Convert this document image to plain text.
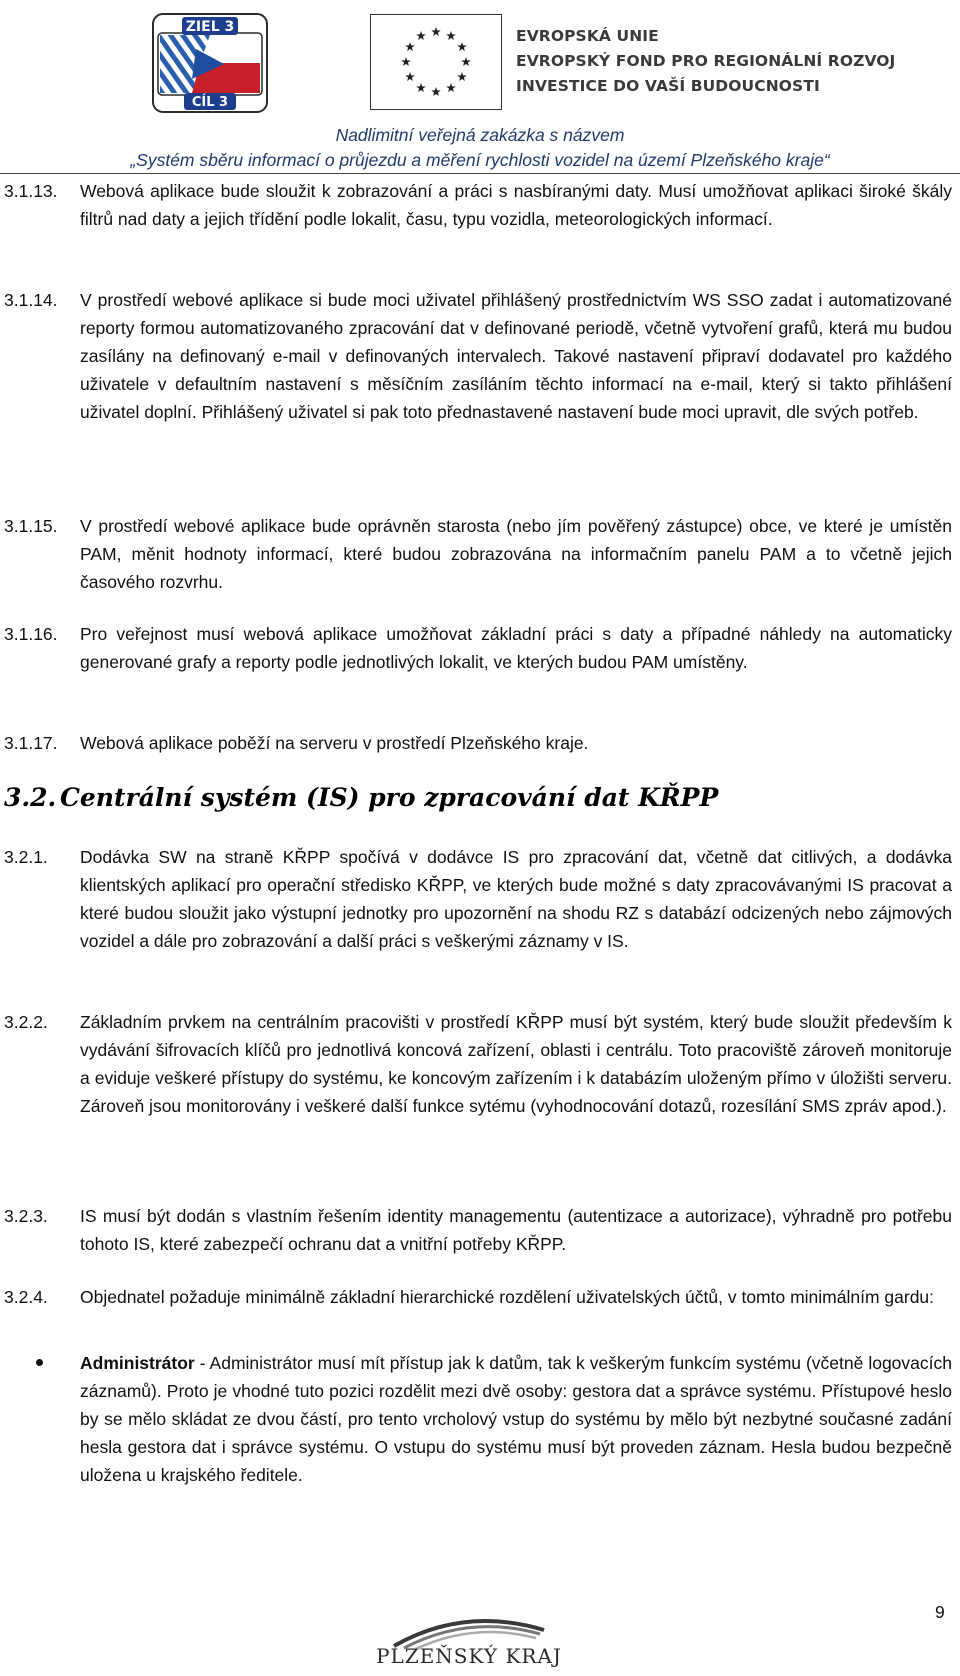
ZIEL 3
CÍL 3
EVROPSKÁ UNIE
EVROPSKÝ FOND PRO REGIONÁLNÍ ROZVOJ
INVESTICE DO VAŠÍ BUDOUCNOSTI
Nadlimitní veřejná zakázka s názvem
„Systém sběru informací o průjezdu a měření rychlosti vozidel na území Plzeňského kraje“
3.1.13. Webová aplikace bude sloužit k zobrazování a práci s nasbíranými daty. Musí umožňovat aplikaci široké škály filtrů nad daty a jejich třídění podle lokalit, času, typu vozidla, meteorologických informací.
3.1.14. V prostředí webové aplikace si bude moci uživatel přihlášený prostřednictvím WS SSO zadat i automatizované reporty formou automatizovaného zpracování dat v definované periodě, včetně vytvoření grafů, která mu budou zasílány na definovaný e-mail v definovaných intervalech. Takové nastavení připraví dodavatel pro každého uživatele v defaultním nastavení s měsíčním zasíláním těchto informací na e-mail, který si takto přihlášení uživatel doplní. Přihlášený uživatel si pak toto přednastavené nastavení bude moci upravit, dle svých potřeb.
3.1.15. V prostředí webové aplikace bude oprávněn starosta (nebo jím pověřený zástupce) obce, ve které je umístěn PAM, měnit hodnoty informací, které budou zobrazována na informačním panelu PAM a to včetně jejich časového rozvrhu.
3.1.16. Pro veřejnost musí webová aplikace umožňovat základní práci s daty a případné náhledy na automaticky generované grafy a reporty podle jednotlivých lokalit, ve kterých budou PAM umístěny.
3.1.17. Webová aplikace poběží na serveru v prostředí Plzeňského kraje.
3.2. Centrální systém (IS) pro zpracování dat KŘPP
3.2.1. Dodávka SW na straně KŘPP spočívá v dodávce IS pro zpracování dat, včetně dat citlivých, a dodávka klientských aplikací pro operační středisko KŘPP, ve kterých bude možné s daty zpracovávanými IS pracovat a které budou sloužit jako výstupní jednotky pro upozornění na shodu RZ s databází odcizených nebo zájmových vozidel a dále pro zobrazování a další práci s veškerými záznamy v IS.
3.2.2. Základním prvkem na centrálním pracovišti v prostředí KŘPP musí být systém, který bude sloužit především k vydávání šifrovacích klíčů pro jednotlivá koncová zařízení, oblasti i centrálu. Toto pracoviště zároveň monitoruje a eviduje veškeré přístupy do systému, ke koncovým zařízením i k databázím uloženým přímo v úložišti serveru. Zároveň jsou monitorovány i veškeré další funkce sytému (vyhodnocování dotazů, rozesílání SMS zpráv apod.).
3.2.3. IS musí být dodán s vlastním řešením identity managementu (autentizace a autorizace), výhradně pro potřebu tohoto IS, které zabezpečí ochranu dat a vnitřní potřeby KŘPP.
3.2.4. Objednatel požaduje minimálně základní hierarchické rozdělení uživatelských účtů, v tomto minimálním gardu:
Administrátor - Administrátor musí mít přístup jak k datům, tak k veškerým funkcím systému (včetně logovacích záznamů). Proto je vhodné tuto pozici rozdělit mezi dvě osoby: gestora dat a správce systému. Přístupové heslo by se mělo skládat ze dvou částí, pro tento vrcholový vstup do systému by mělo být nezbytné současné zadání hesla gestora dat i správce systému. O vstupu do systému musí být proveden záznam. Hesla budou bezpečně uložena u krajského ředitele.
9
PLZEŇSKÝ KRAJ
